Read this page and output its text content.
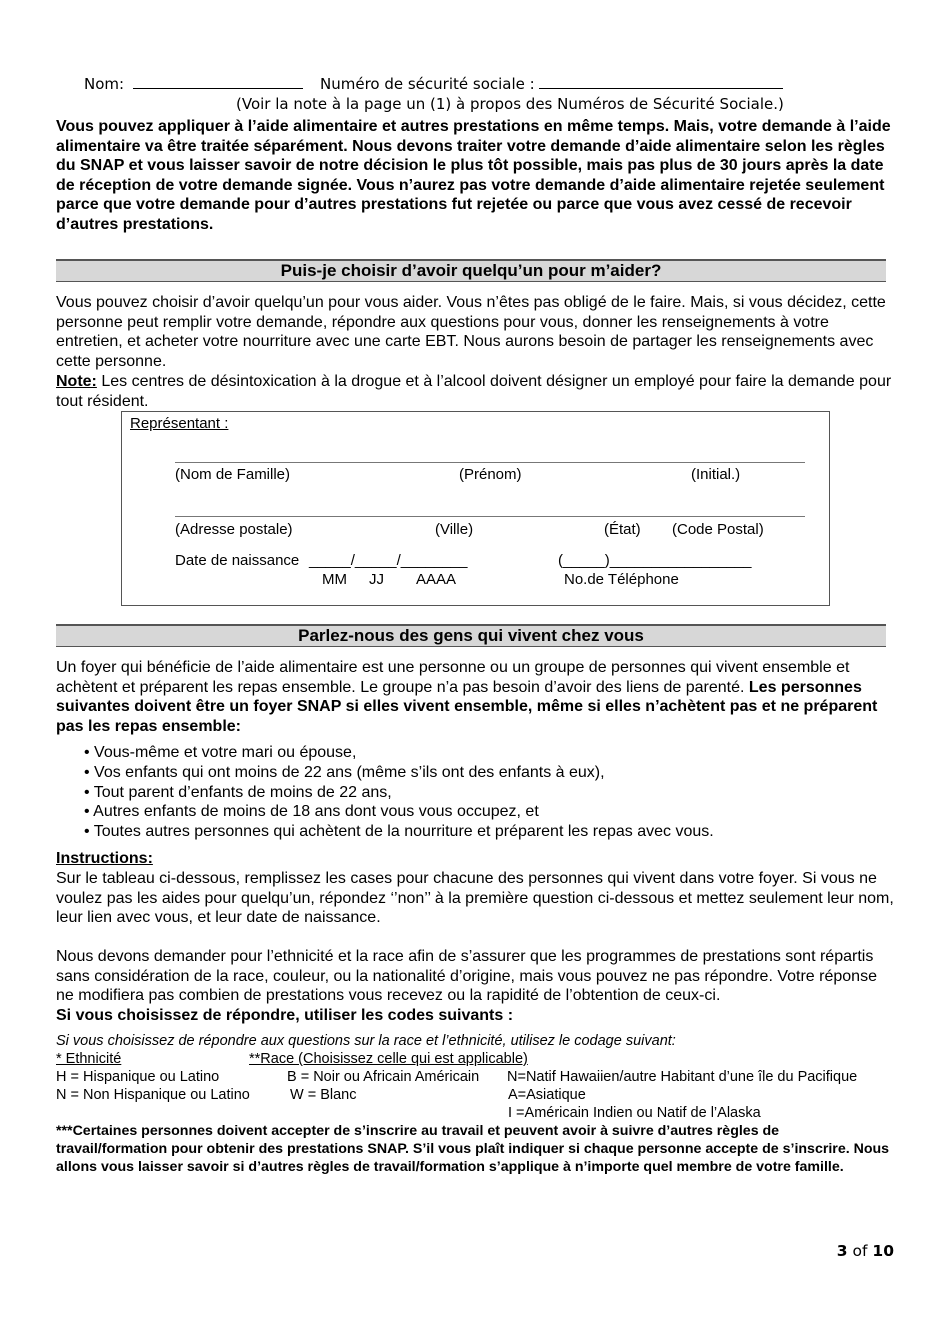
Nom:	Numéro de sécurité sociale :
(Voir la note à la page un (1) à propos des Numéros de Sécurité Sociale.)
Vous pouvez appliquer à l’aide alimentaire et autres prestations en même temps. Mais, votre demande à l’aide alimentaire va être traitée séparément. Nous devons traiter votre demande d’aide alimentaire selon les règles du SNAP et vous laisser savoir de notre décision le plus tôt possible, mais pas plus de 30 jours après la date de réception de votre demande signée. Vous n’aurez pas votre demande d’aide alimentaire rejetée seulement parce que votre demande pour d’autres prestations fut rejetée ou parce que vous avez cessé de recevoir d’autres prestations.
Puis-je choisir d’avoir quelqu’un pour m’aider?
Vous pouvez choisir d’avoir quelqu’un pour vous aider. Vous n’êtes pas obligé de le faire. Mais, si vous décidez, cette personne peut remplir votre demande, répondre aux questions pour vous, donner les renseignements à votre entretien, et acheter votre nourriture avec une carte EBT. Nous aurons besoin de partager les renseignements avec cette personne.
Note: Les centres de désintoxication à la drogue et à l’alcool doivent désigner un employé pour faire la demande pour tout résident.
Représentant :
(Nom de Famille)	(Prénom)	(Initial.)
(Adresse postale)	(Ville)	(État) (Code Postal)
Date de naissance _____/_____/________
MM JJ AAAA
(_____)_________________
No.de Téléphone
Parlez-nous des gens qui vivent chez vous
Un foyer qui bénéficie de l’aide alimentaire est une personne ou un groupe de personnes qui vivent ensemble et achètent et préparent les repas ensemble. Le groupe n’a pas besoin d’avoir des liens de parenté. Les personnes suivantes doivent être un foyer SNAP si elles vivent ensemble, même si elles n’achètent pas et ne préparent pas les repas ensemble:
• Vous-même et votre mari ou épouse,
• Vos enfants qui ont moins de 22 ans (même s’ils ont des enfants à eux),
• Tout parent d’enfants de moins de 22 ans,
• Autres enfants de moins de 18 ans dont vous vous occupez, et
• Toutes autres personnes qui achètent de la nourriture et préparent les repas avec vous.
Instructions:
Sur le tableau ci-dessous, remplissez les cases pour chacune des personnes qui vivent dans votre foyer. Si vous ne voulez pas les aides pour quelqu’un, répondez ‘’non’’ à la première question ci-dessous et mettez seulement leur nom, leur lien avec vous, et leur date de naissance.
Nous devons demander pour l’ethnicité et la race afin de s’assurer que les programmes de prestations sont répartis sans considération de la race, couleur, ou la nationalité d’origine, mais vous pouvez ne pas répondre. Votre réponse ne modifiera pas combien de prestations vous recevez ou la rapidité de l’obtention de ceux-ci.
Si vous choisissez de répondre, utiliser les codes suivants :
Si vous choisissez de répondre aux questions sur la race et l’ethnicité, utilisez le codage suivant:
* Ethnicité	**Race (Choisissez celle qui est applicable)
H = Hispanique ou Latino	B = Noir ou Africain Américain N=Natif Hawaiien/autre Habitant d’une île du Pacifique
N = Non Hispanique ou Latino	W = Blanc	A=Asiatique
I =Américain Indien ou Natif de l’Alaska
***Certaines personnes doivent accepter de s’inscrire au travail et peuvent avoir à suivre d’autres règles de travail/formation pour obtenir des prestations SNAP. S’il vous plaît indiquer si chaque personne accepte de s’inscrire. Nous allons vous laisser savoir si d’autres règles de travail/formation s’applique à n’importe quel membre de votre famille.
3 of 10
